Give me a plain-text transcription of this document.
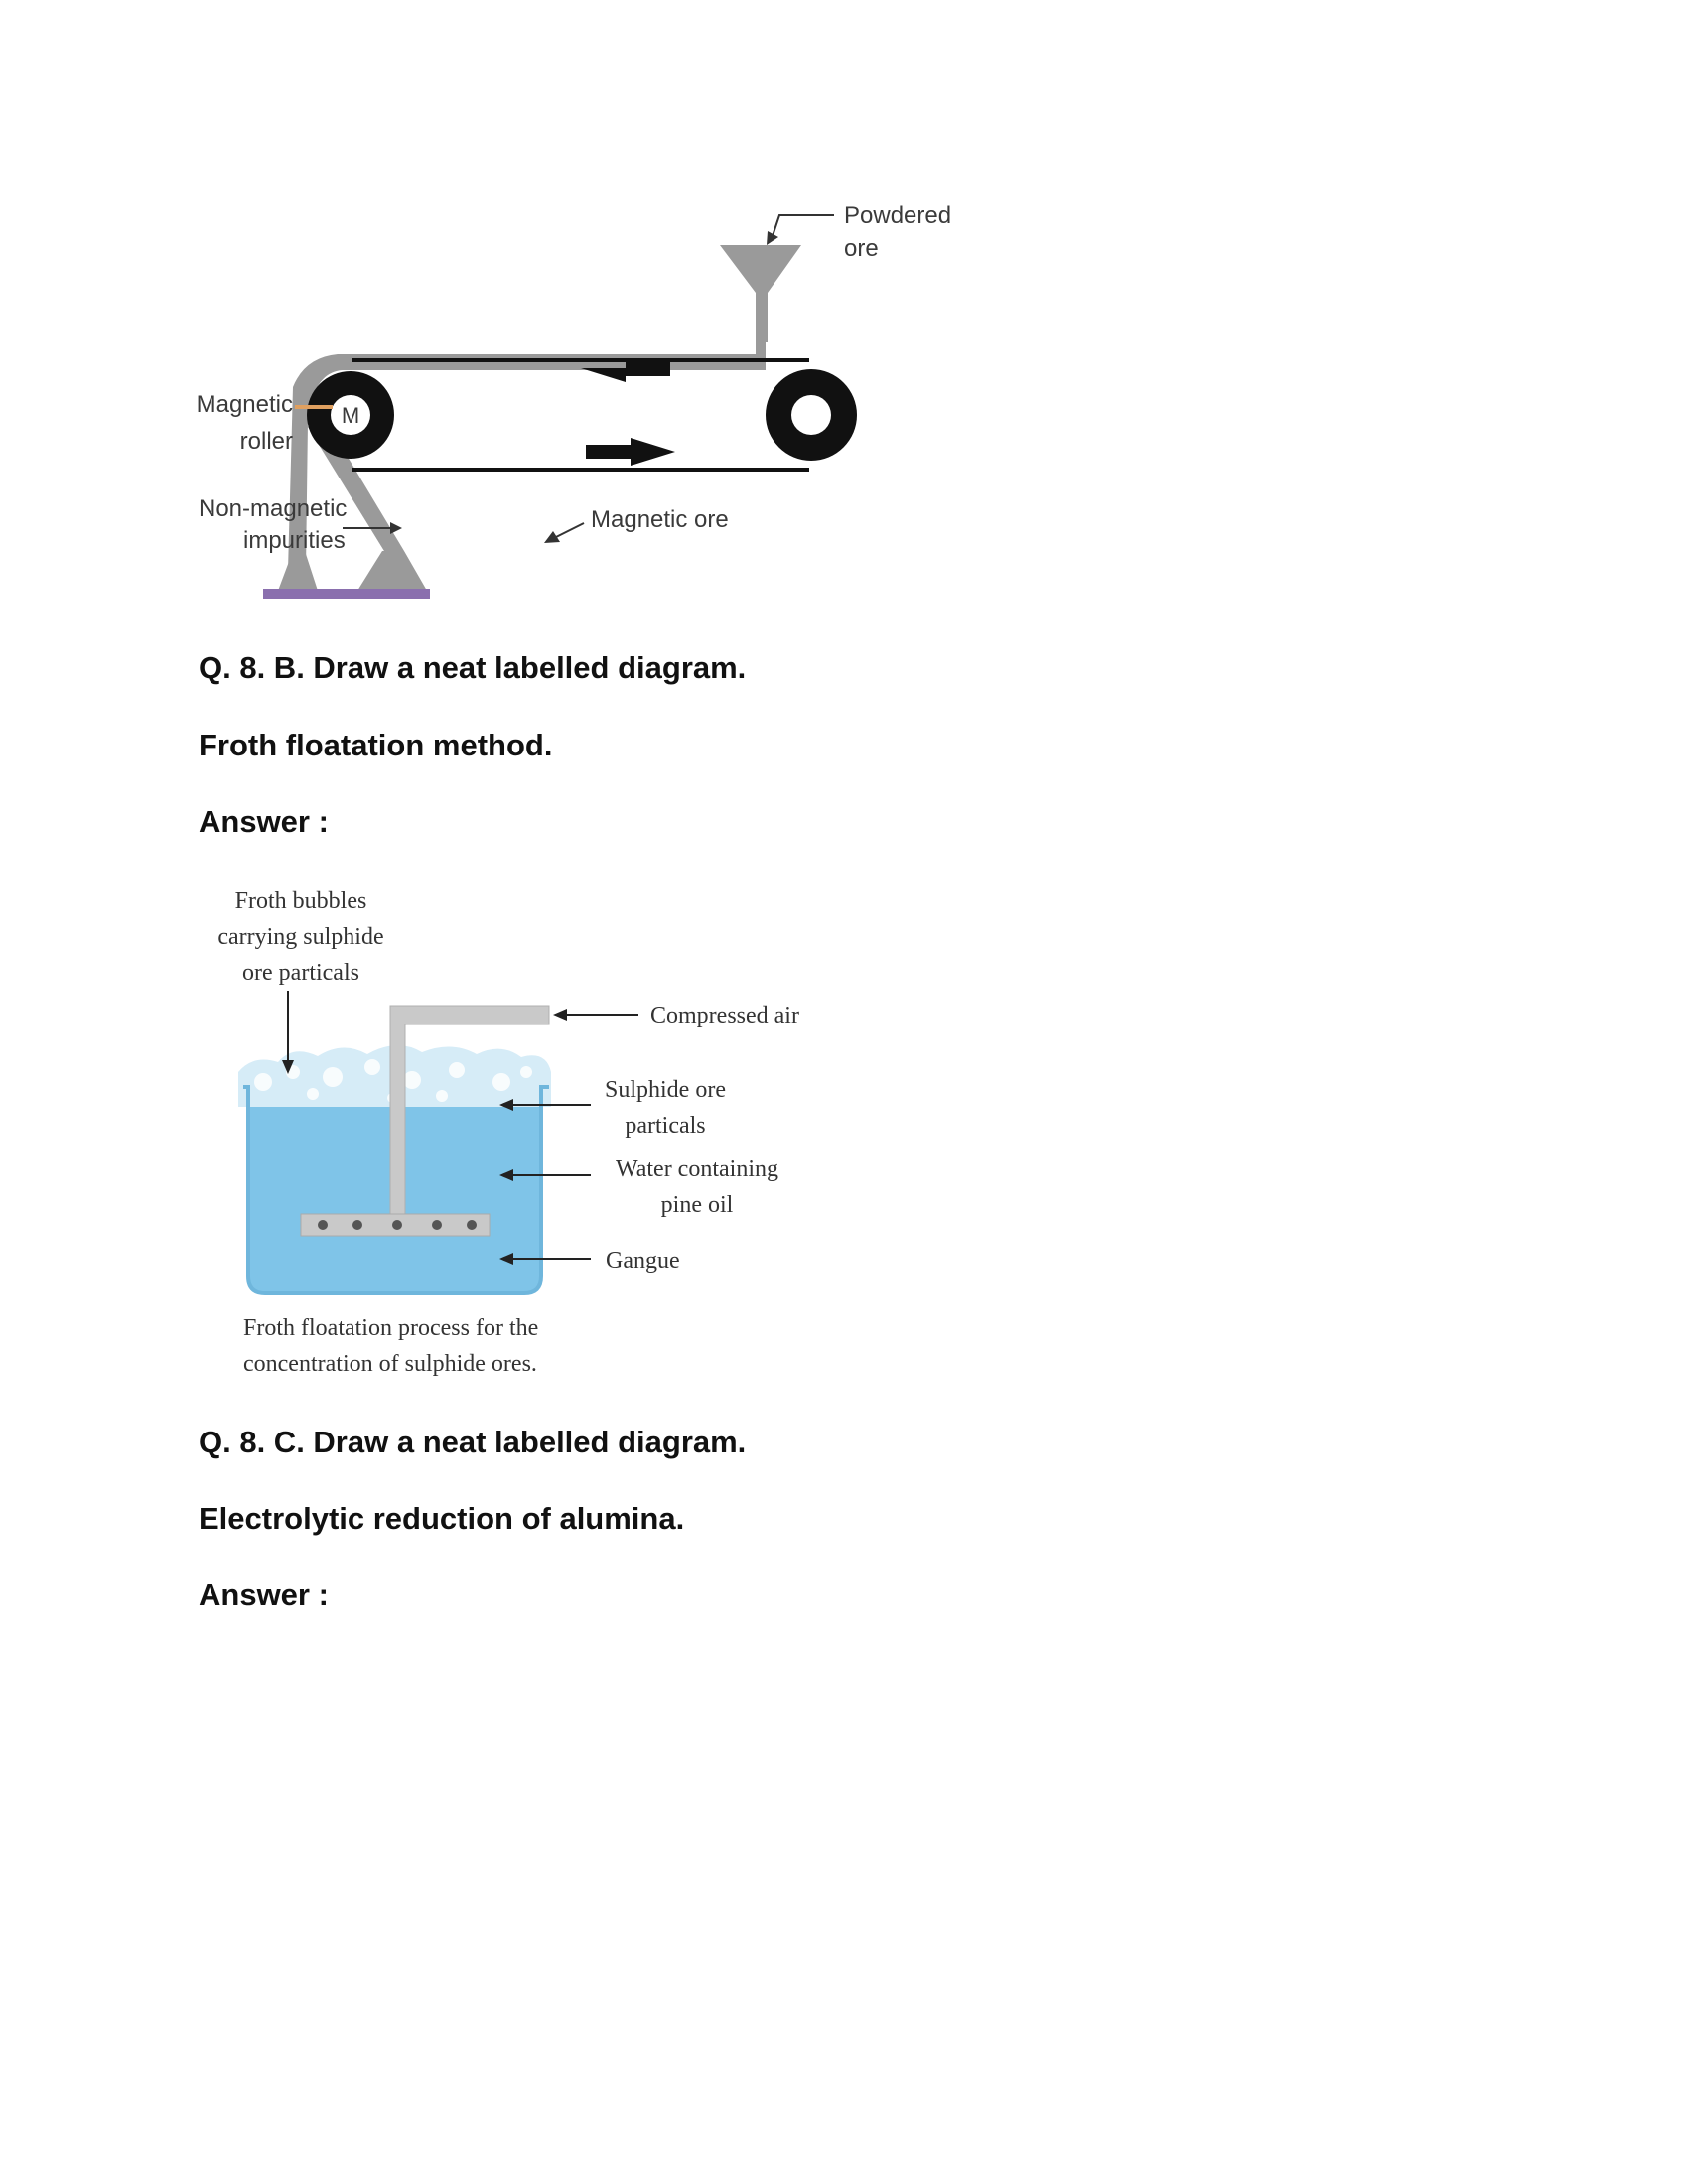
M
Powdered
ore
Magnetic
roller
Non-magnetic
impurities
Magnetic ore

Q. 8. B. Draw a neat labelled diagram.

Froth floatation method.

Answer :

Froth bubbles
carrying sulphide
ore particals
Compressed air
Sulphide ore
particals
Water containing
pine oil
Gangue
Froth floatation process for the
concentration of sulphide ores.

Q. 8. C. Draw a neat labelled diagram.

Electrolytic reduction of alumina.

Answer :
